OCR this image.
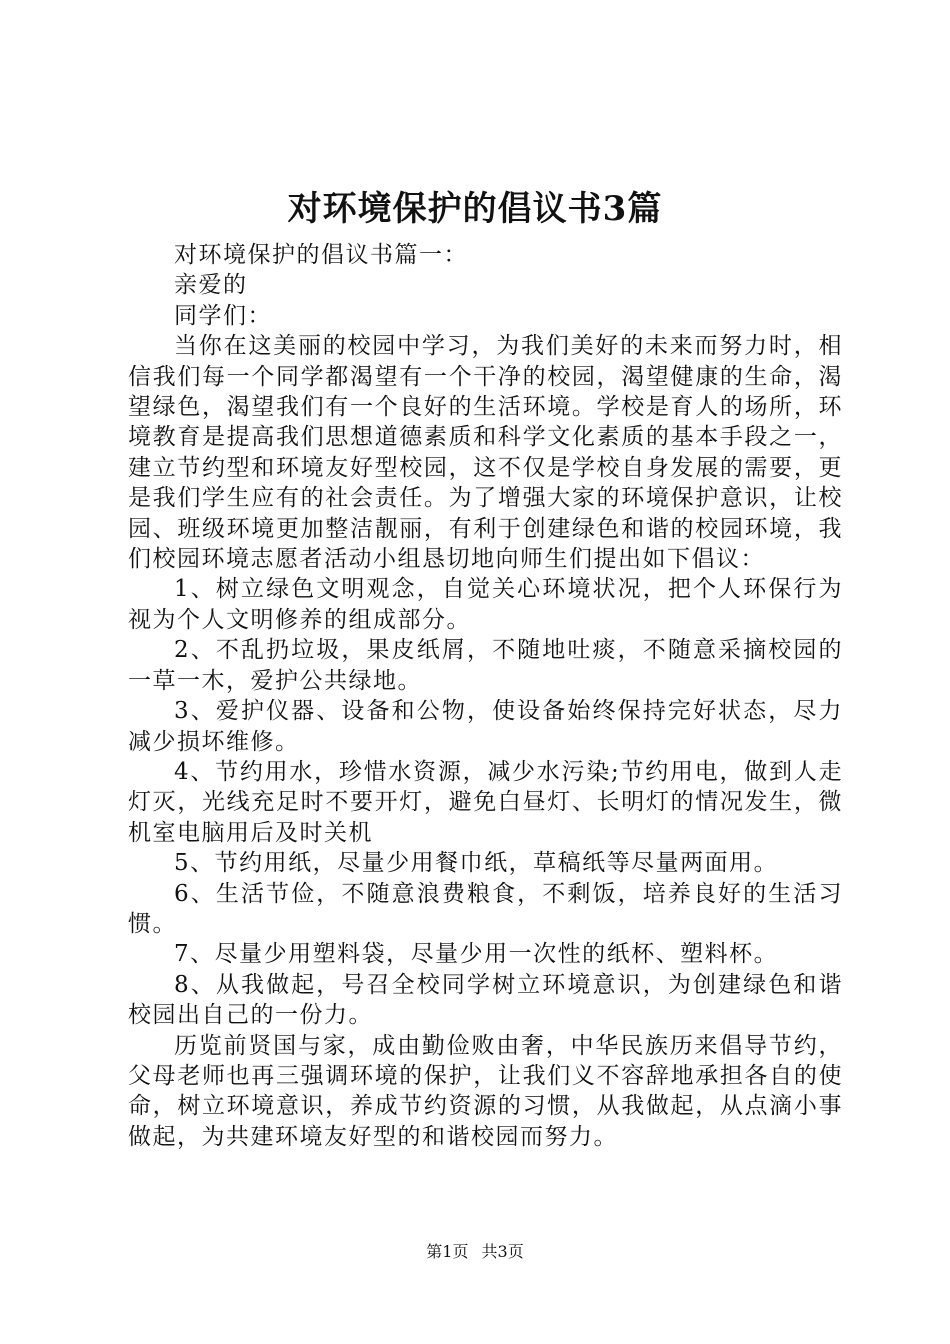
对环境保护的倡议书3篇

对环境保护的倡议书篇一：

亲爱的

同学们：

当你在这美丽的校园中学习，为我们美好的未来而努力时，相信我们每一个同学都渴望有一个干净的校园，渴望健康的生命，渴望绿色，渴望我们有一个良好的生活环境。学校是育人的场所，环境教育是提高我们思想道德素质和科学文化素质的基本手段之一，建立节约型和环境友好型校园，这不仅是学校自身发展的需要，更是我们学生应有的社会责任。为了增强大家的环境保护意识，让校园、班级环境更加整洁靓丽，有利于创建绿色和谐的校园环境，我们校园环境志愿者活动小组恳切地向师生们提出如下倡议：

1、树立绿色文明观念，自觉关心环境状况，把个人环保行为视为个人文明修养的组成部分。

2、不乱扔垃圾，果皮纸屑，不随地吐痰，不随意采摘校园的一草一木，爱护公共绿地。

3、爱护仪器、设备和公物，使设备始终保持完好状态，尽力减少损坏维修。

4、节约用水，珍惜水资源，减少水污染;节约用电，做到人走灯灭，光线充足时不要开灯，避免白昼灯、长明灯的情况发生，微机室电脑用后及时关机

5、节约用纸，尽量少用餐巾纸，草稿纸等尽量两面用。

6、生活节俭，不随意浪费粮食，不剩饭，培养良好的生活习惯。

7、尽量少用塑料袋，尽量少用一次性的纸杯、塑料杯。

8、从我做起，号召全校同学树立环境意识，为创建绿色和谐校园出自己的一份力。

历览前贤国与家，成由勤俭败由奢，中华民族历来倡导节约，父母老师也再三强调环境的保护，让我们义不容辞地承担各自的使命，树立环境意识，养成节约资源的习惯，从我做起，从点滴小事做起，为共建环境友好型的和谐校园而努力。

第1页 共3页
